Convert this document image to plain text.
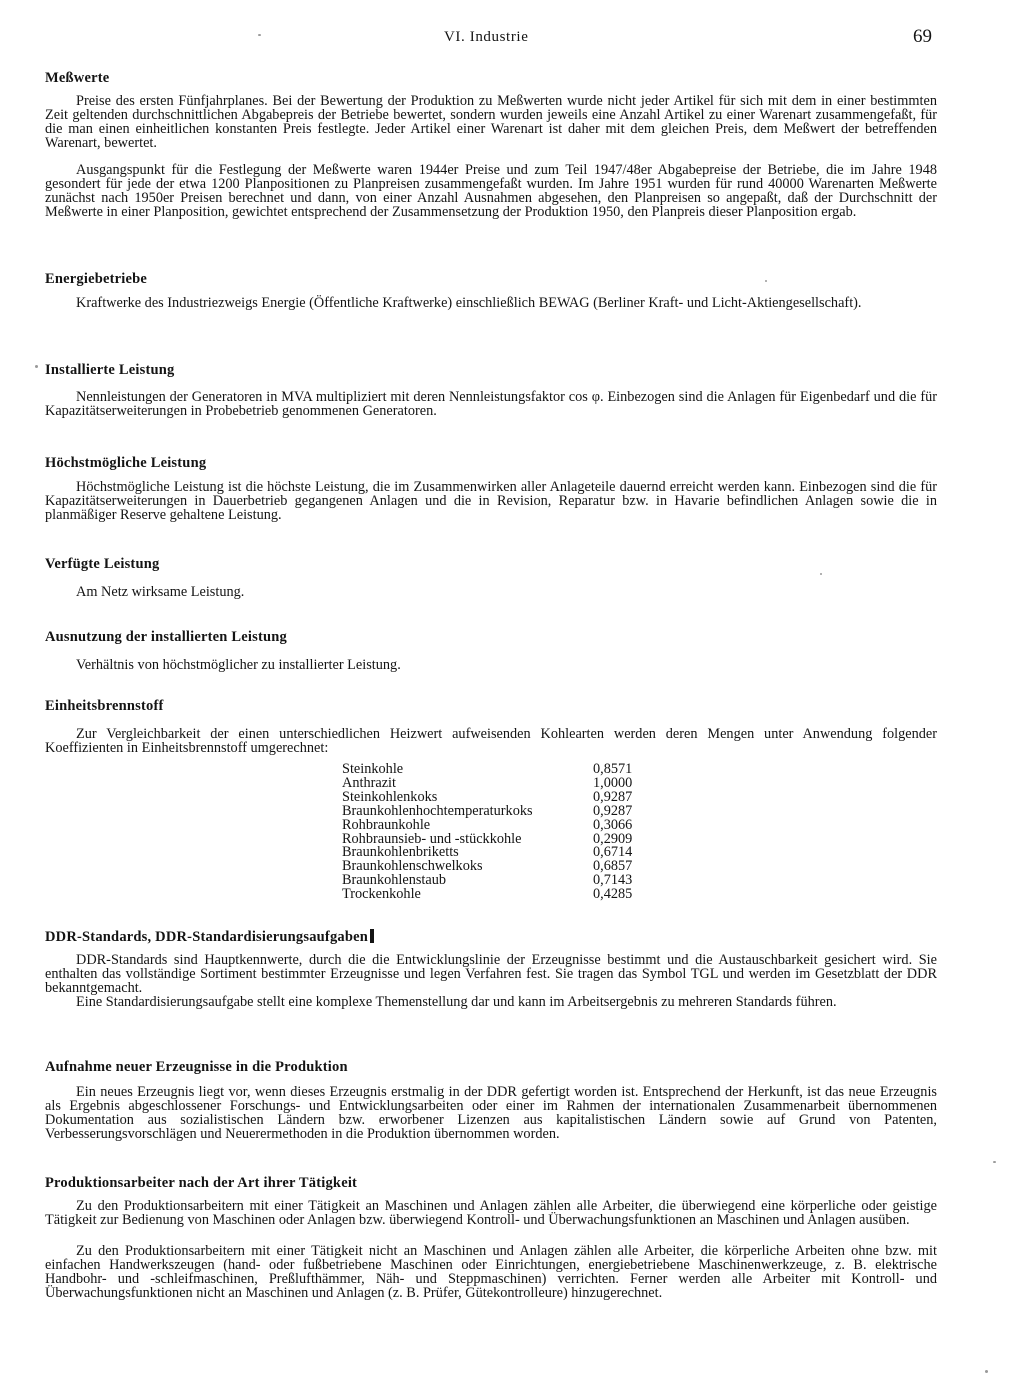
VI. Industrie	69
Meßwerte

Preise des ersten Fünfjahrplanes. Bei der Bewertung der Produktion zu Meßwerten wurde nicht jeder Artikel für sich mit dem in einer bestimmten Zeit geltenden durchschnittlichen Abgabepreis der Betriebe bewertet, sondern wurden jeweils eine Anzahl Artikel zu einer Warenart zusammengefaßt, für die man einen einheitlichen konstanten Preis festlegte. Jeder Artikel einer Warenart ist daher mit dem gleichen Preis, dem Meßwert der betreffenden Warenart, bewertet.

Ausgangspunkt für die Festlegung der Meßwerte waren 1944er Preise und zum Teil 1947/48er Abgabepreise der Betriebe, die im Jahre 1948 gesondert für jede der etwa 1200 Planpositionen zu Planpreisen zusammengefaßt wurden. Im Jahre 1951 wurden für rund 40000 Warenarten Meßwerte zunächst nach 1950er Preisen berechnet und dann, von einer Anzahl Ausnahmen abgesehen, den Planpreisen so angepaßt, daß der Durchschnitt der Meßwerte in einer Planposition, gewichtet entsprechend der Zusammensetzung der Produktion 1950, den Planpreis dieser Planposition ergab.

Energiebetriebe

Kraftwerke des Industriezweigs Energie (Öffentliche Kraftwerke) einschließlich BEWAG (Berliner Kraft- und Licht-Aktiengesellschaft).

Installierte Leistung

Nennleistungen der Generatoren in MVA multipliziert mit deren Nennleistungsfaktor cos φ. Einbezogen sind die Anlagen für Eigenbedarf und die für Kapazitätserweiterungen in Probebetrieb genommenen Generatoren.

Höchstmögliche Leistung

Höchstmögliche Leistung ist die höchste Leistung, die im Zusammenwirken aller Anlageteile dauernd erreicht werden kann. Einbezogen sind die für Kapazitätserweiterungen in Dauerbetrieb gegangenen Anlagen und die in Revision, Reparatur bzw. in Havarie befindlichen Anlagen sowie die in planmäßiger Reserve gehaltene Leistung.

Verfügte Leistung

Am Netz wirksame Leistung.

Ausnutzung der installierten Leistung

Verhältnis von höchstmöglicher zu installierter Leistung.

Einheitsbrennstoff

Zur Vergleichbarkeit der einen unterschiedlichen Heizwert aufweisenden Kohlearten werden deren Mengen unter Anwendung folgender Koeffizienten in Einheitsbrennstoff umgerechnet:

Steinkohle	0,8571
Anthrazit	1,0000
Steinkohlenkoks	0,9287
Braunkohlenhochtemperaturkoks	0,9287
Rohbraunkohle	0,3066
Rohbraunsieb- und -stückkohle	0,2909
Braunkohlenbriketts	0,6714
Braunkohlenschwelkoks	0,6857
Braunkohlenstaub	0,7143
Trockenkohle	0,4285
DDR-Standards, DDR-Standardisierungsaufgaben

DDR-Standards sind Hauptkennwerte, durch die die Entwicklungslinie der Erzeugnisse bestimmt und die Austauschbarkeit gesichert wird. Sie enthalten das vollständige Sortiment bestimmter Erzeugnisse und legen Verfahren fest. Sie tragen das Symbol TGL und werden im Gesetzblatt der DDR bekanntgemacht.

Eine Standardisierungsaufgabe stellt eine komplexe Themenstellung dar und kann im Arbeitsergebnis zu mehreren Standards führen.

Aufnahme neuer Erzeugnisse in die Produktion

Ein neues Erzeugnis liegt vor, wenn dieses Erzeugnis erstmalig in der DDR gefertigt worden ist. Entsprechend der Herkunft, ist das neue Erzeugnis als Ergebnis abgeschlossener Forschungs- und Entwicklungsarbeiten oder einer im Rahmen der internationalen Zusammenarbeit übernommenen Dokumentation aus sozialistischen Ländern bzw. erworbener Lizenzen aus kapitalistischen Ländern sowie auf Grund von Patenten, Verbesserungsvorschlägen und Neuerermethoden in die Produktion übernommen worden.

Produktionsarbeiter nach der Art ihrer Tätigkeit

Zu den Produktionsarbeitern mit einer Tätigkeit an Maschinen und Anlagen zählen alle Arbeiter, die überwiegend eine körperliche oder geistige Tätigkeit zur Bedienung von Maschinen oder Anlagen bzw. überwiegend Kontroll- und Überwachungsfunktionen an Maschinen und Anlagen ausüben.

Zu den Produktionsarbeitern mit einer Tätigkeit nicht an Maschinen und Anlagen zählen alle Arbeiter, die körperliche Arbeiten ohne bzw. mit einfachen Handwerkszeugen (hand- oder fußbetriebene Maschinen oder Einrichtungen, energiebetriebene Maschinenwerkzeuge, z. B. elektrische Handbohr- und -schleifmaschinen, Preßlufthämmer, Näh- und Steppmaschinen) verrichten. Ferner werden alle Arbeiter mit Kontroll- und Überwachungsfunktionen nicht an Maschinen und Anlagen (z. B. Prüfer, Gütekontrolleure) hinzugerechnet.
